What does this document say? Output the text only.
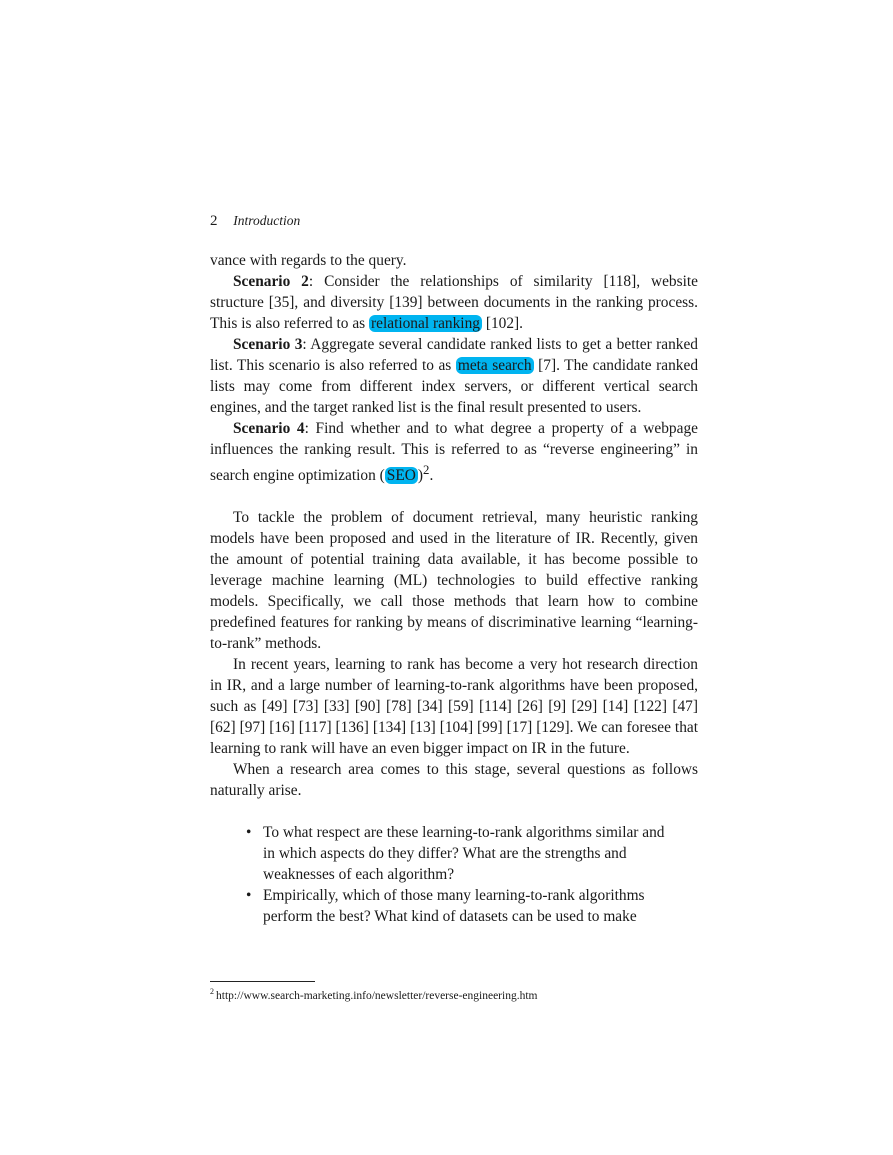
2 Introduction

vance with regards to the query.

Scenario 2: Consider the relationships of similarity [118], website structure [35], and diversity [139] between documents in the ranking process. This is also referred to as relational ranking [102].

Scenario 3: Aggregate several candidate ranked lists to get a better ranked list. This scenario is also referred to as meta search [7]. The candidate ranked lists may come from different index servers, or different vertical search engines, and the target ranked list is the final result presented to users.

Scenario 4: Find whether and to what degree a property of a webpage influences the ranking result. This is referred to as “reverse engineering” in search engine optimization ( SEO )$^2$.

To tackle the problem of document retrieval, many heuristic ranking models have been proposed and used in the literature of IR. Recently, given the amount of potential training data available, it has become possible to leverage machine learning (ML) technologies to build effective ranking models. Specifically, we call those methods that learn how to combine predefined features for ranking by means of discriminative learning “learning-to-rank” methods.

In recent years, learning to rank has become a very hot research direction in IR, and a large number of learning-to-rank algorithms have been proposed, such as [49] [73] [33] [90] [78] [34] [59] [114] [26] [9] [29] [14] [122] [47] [62] [97] [16] [117] [136] [134] [13] [104] [99] [17] [129]. We can foresee that learning to rank will have an even bigger impact on IR in the future.

When a research area comes to this stage, several questions as follows naturally arise.

• To what respect are these learning-to-rank algorithms similar and in which aspects do they differ? What are the strengths and weaknesses of each algorithm?
• Empirically, which of those many learning-to-rank algorithms perform the best? What kind of datasets can be used to make
$^2$ http://www.search-marketing.info/newsletter/reverse-engineering.htm
